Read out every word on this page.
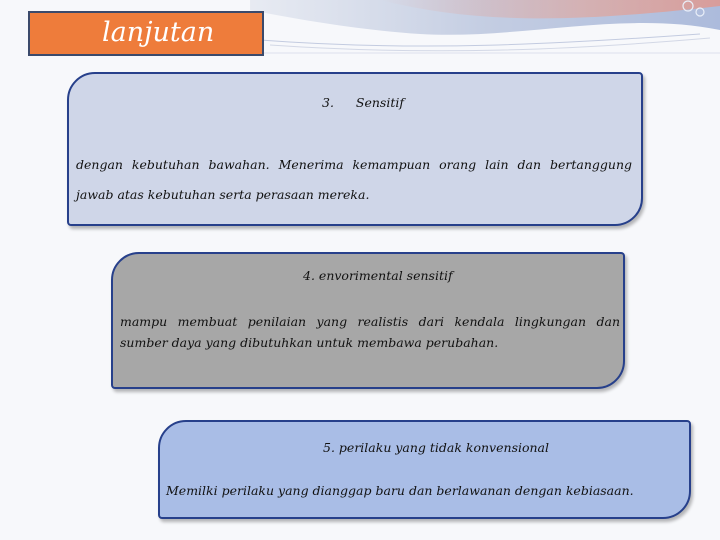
lanjutan
3. Sensitif
dengan kebutuhan bawahan. Menerima kemampuan orang lain dan bertanggung jawab atas kebutuhan serta perasaan mereka.
4. envorimental sensitif
mampu membuat penilaian yang realistis dari kendala lingkungan dan sumber daya yang dibutuhkan untuk membawa perubahan.
5. perilaku yang tidak konvensional
Memilki perilaku yang dianggap baru dan berlawanan dengan kebiasaan.
